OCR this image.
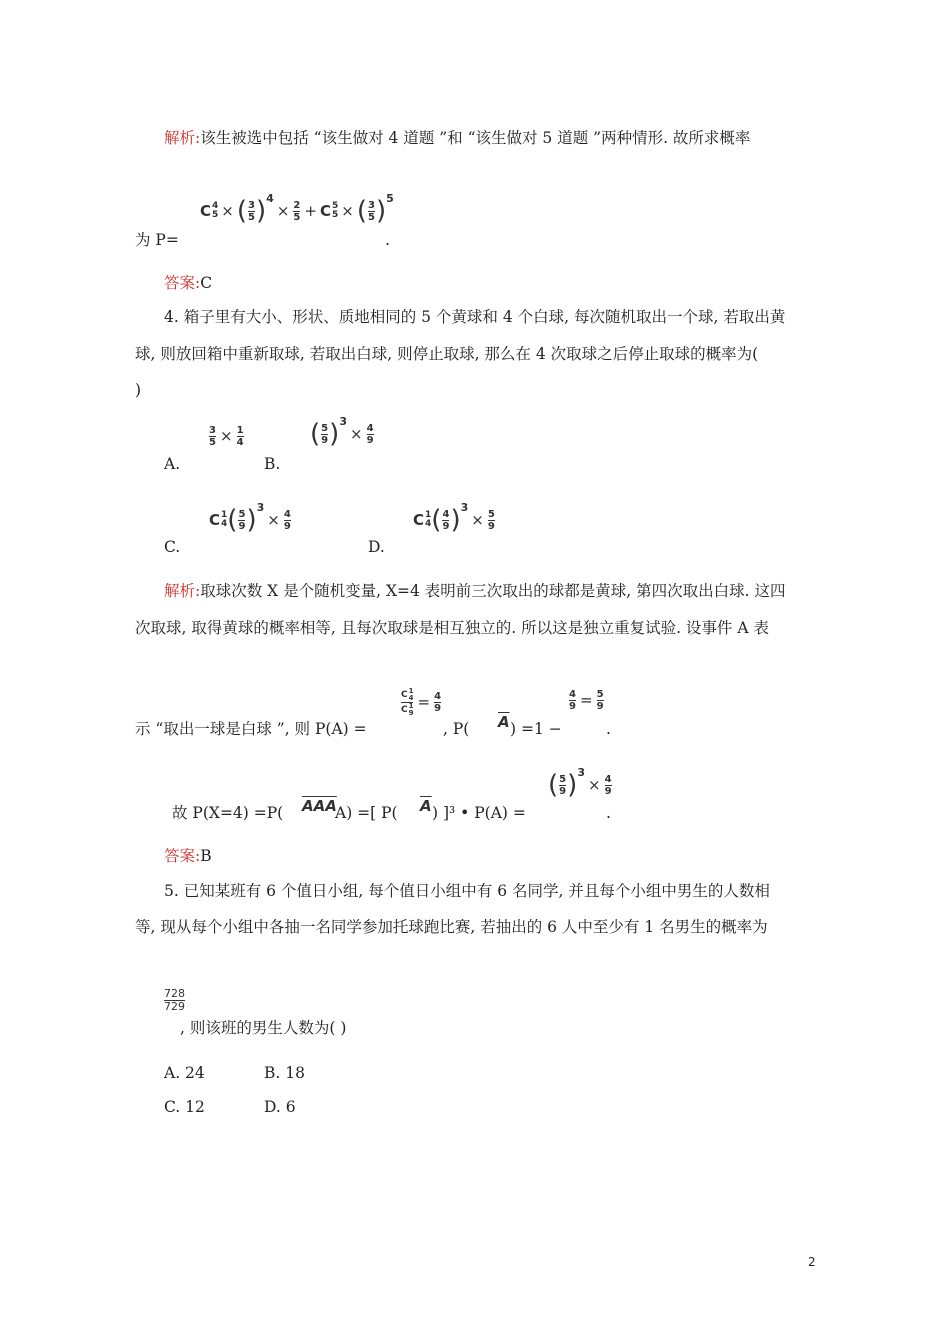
解析:该生被选中包括 “该生做对 4 道题 ”和 “该生做对 5 道题 ”两种情形. 故所求概率
为 P=
C 4
5 × ( $\frac{3}{5} )^4\times \frac{2}{5} + C$ 5
5 × ( $\frac{3}{5} )^5$
.
答案:C
4. 箱子里有大小、形状、质地相同的 5 个黄球和 4 个白球, 每次随机取出一个球, 若取出黄
球, 则放回箱中重新取球, 若取出白球, 则停止取球, 那么在 4 次取球之后停止取球的概率为(
)
A.
$\frac{3}{5} \times \frac{1}{4}$
B.
( $\frac{5}{9} )^3\times \frac{4}{9}$
C.
C 1
4 ( $\frac{5}{9} )^3\times \frac{4}{9}$
D.
C 1
4 ( $\frac{4}{9} )^3\times \frac{5}{9}$
解析:取球次数 X 是个随机变量, X=4 表明前三次取出的球都是黄球, 第四次取出白球. 这四
次取球, 取得黄球的概率相等, 且每次取球是相互独立的. 所以这是独立重复试验. 设事件 A 表
示 “取出一球是白球 ”, 则 P(A) =
C 1
4
C 1
$9 = \frac{4}{9}$
, P( $\overline{A}$ ) =1 −
$\frac{4}{9} = \frac{5}{9}$
.
故 P(X=4) =P( $\overline{AAA}$
A) =[ P( $\overline{A}$ ) ]³ • P(A) =
( $\frac{5}{9} )^3\times \frac{4}{9}$
.
答案:B
5. 已知某班有 6 个值日小组, 每个值日小组中有 6 名同学, 并且每个小组中男生的人数相
等, 现从每个小组中各抽一名同学参加托球跑比赛, 若抽出的 6 人中至少有 1 名男生的概率为
$\frac{728}{729}$
, 则该班的男生人数为( )
A. 24	B. 18
C. 12	D. 6
2
